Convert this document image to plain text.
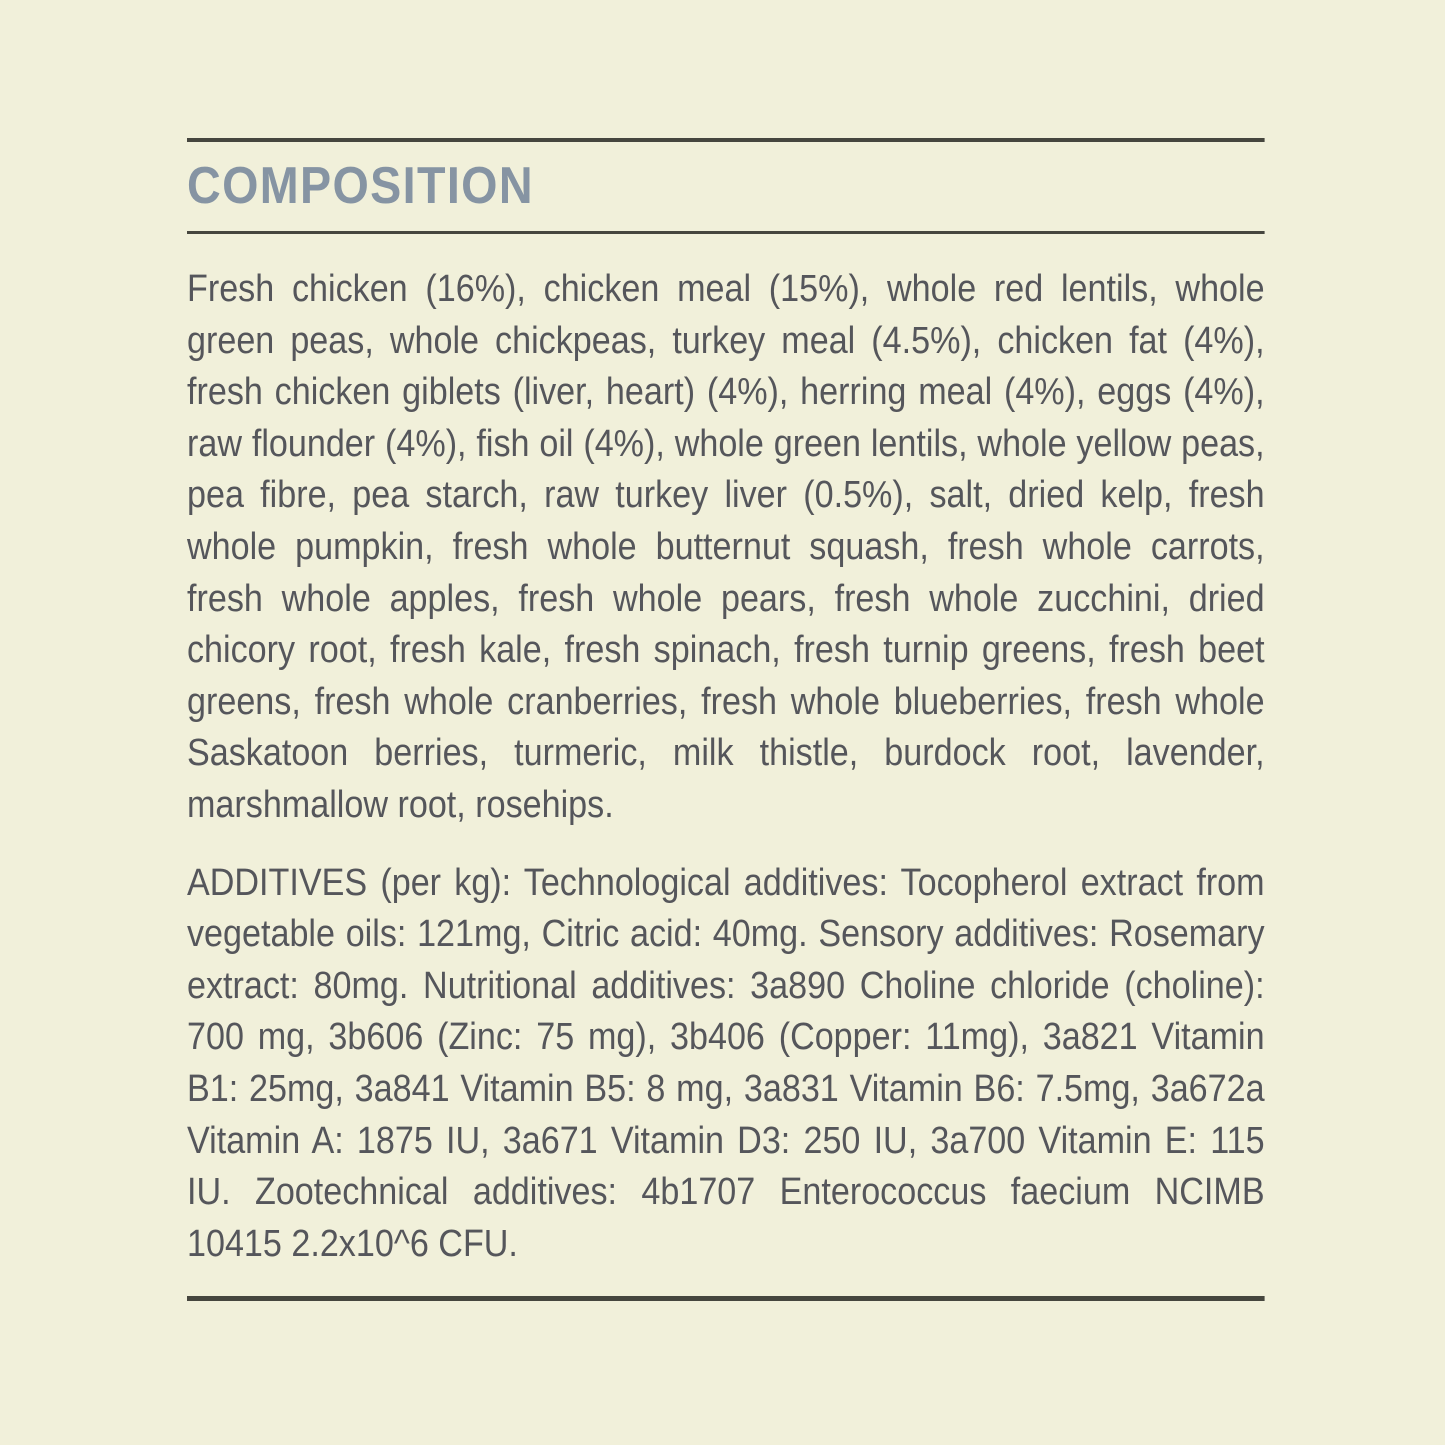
COMPOSITION

Fresh chicken (16%), chicken meal (15%), whole red lentils, whole green peas, whole chickpeas, turkey meal (4.5%), chicken fat (4%), fresh chicken giblets (liver, heart) (4%), herring meal (4%), eggs (4%), raw flounder (4%), fish oil (4%), whole green lentils, whole yellow peas, pea fibre, pea starch, raw turkey liver (0.5%), salt, dried kelp, fresh whole pumpkin, fresh whole butternut squash, fresh whole carrots, fresh whole apples, fresh whole pears, fresh whole zucchini, dried chicory root, fresh kale, fresh spinach, fresh turnip greens, fresh beet greens, fresh whole cranberries, fresh whole blueberries, fresh whole Saskatoon berries, turmeric, milk thistle, burdock root, lavender, marshmallow root, rosehips.

ADDITIVES (per kg): Technological additives: Tocopherol extract from vegetable oils: 121mg, Citric acid: 40mg. Sensory additives: Rosemary extract: 80mg. Nutritional additives: 3a890 Choline chloride (choline): 700 mg, 3b606 (Zinc: 75 mg), 3b406 (Copper: 11mg), 3a821 Vitamin B1: 25mg, 3a841 Vitamin B5: 8 mg, 3a831 Vitamin B6: 7.5mg, 3a672a Vitamin A: 1875 IU, 3a671 Vitamin D3: 250 IU, 3a700 Vitamin E: 115 IU. Zootechnical additives: 4b1707 Enterococcus faecium NCIMB 10415 2.2x10^6 CFU.
